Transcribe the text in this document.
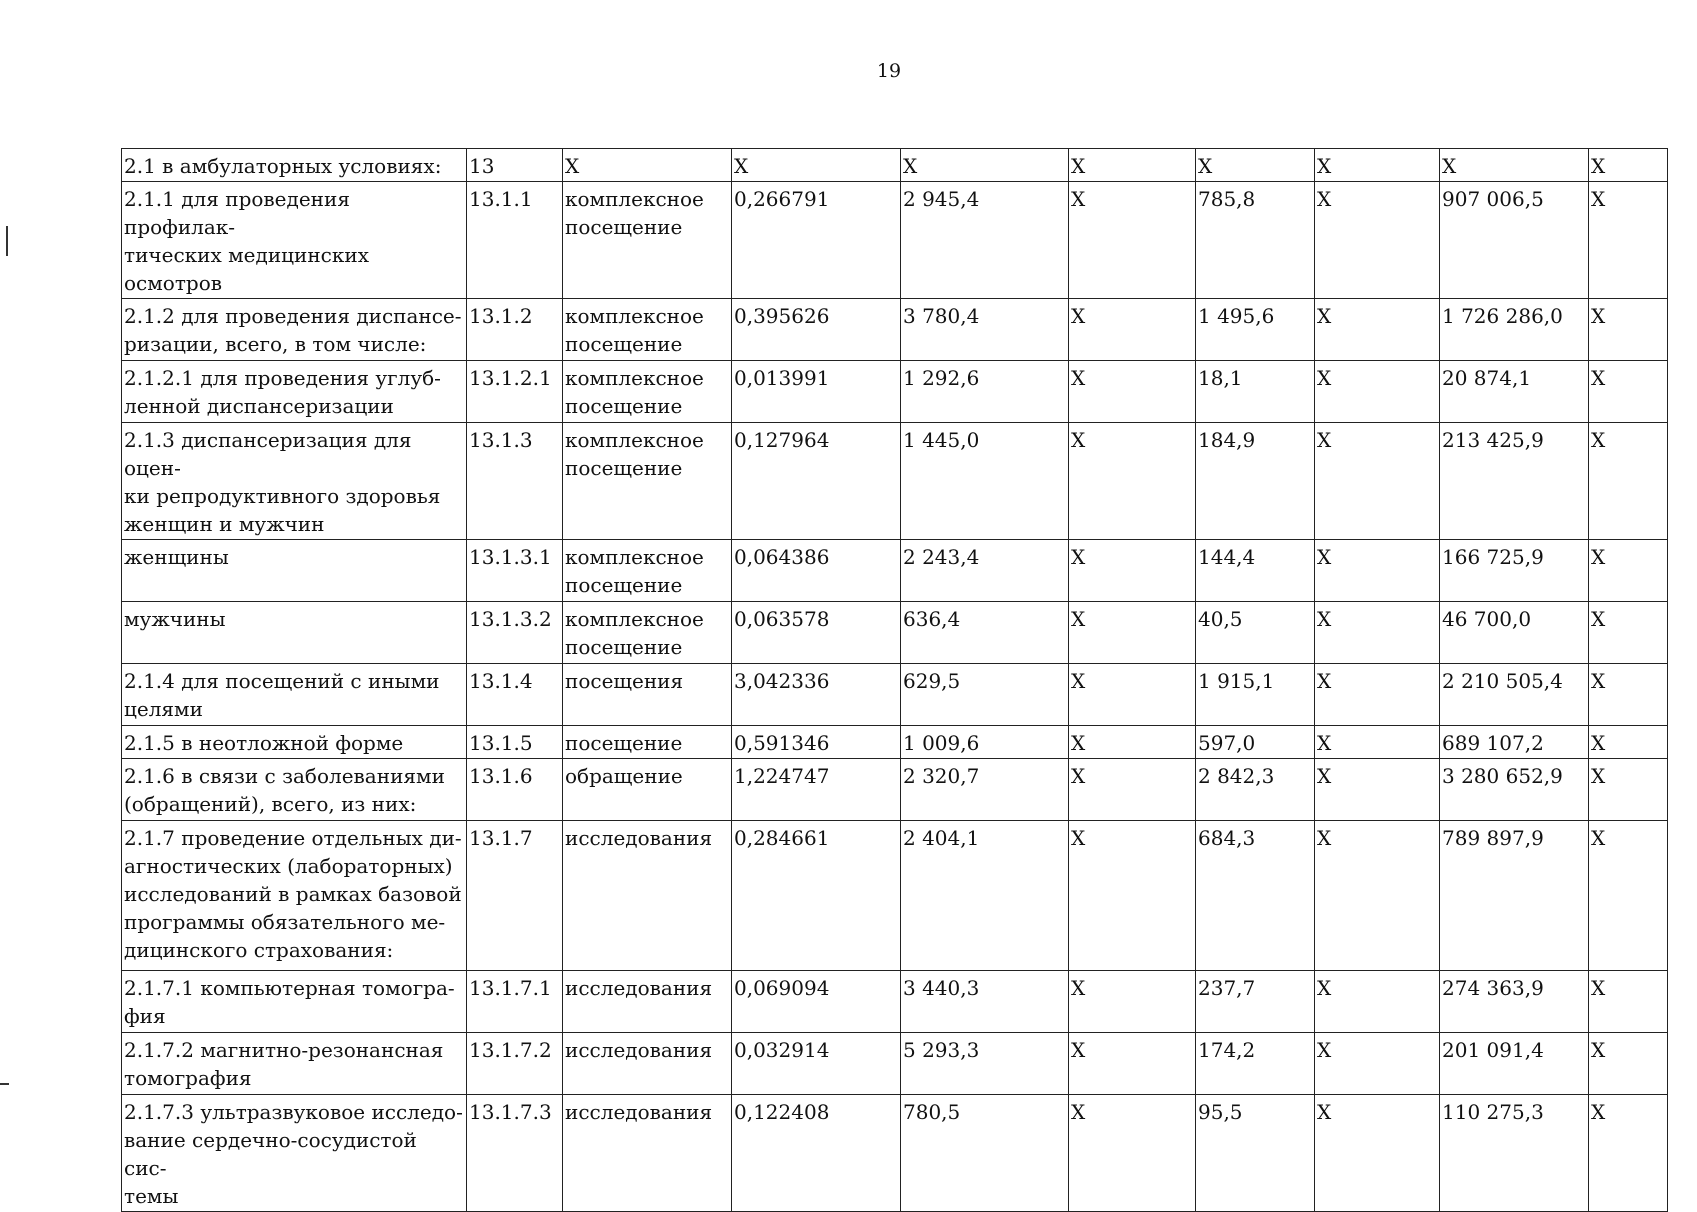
19
2.1 в амбулаторных условиях:	13	Х	Х	Х	Х	Х	Х	Х	Х
2.1.1 для проведения профилак-
тических медицинских осмотров	13.1.1	комплексное
посещение	0,266791	2 945,4	Х	785,8	Х	907 006,5	Х
2.1.2 для проведения диспансе-
ризации, всего, в том числе:	13.1.2	комплексное
посещение	0,395626	3 780,4	Х	1 495,6	Х	1 726 286,0	Х
2.1.2.1 для проведения углуб-
ленной диспансеризации	13.1.2.1	комплексное
посещение	0,013991	1 292,6	Х	18,1	Х	20 874,1	Х
2.1.3 диспансеризация для оцен-
ки репродуктивного здоровья
женщин и мужчин	13.1.3	комплексное
посещение	0,127964	1 445,0	Х	184,9	Х	213 425,9	Х
женщины	13.1.3.1	комплексное
посещение	0,064386	2 243,4	Х	144,4	Х	166 725,9	Х
мужчины	13.1.3.2	комплексное
посещение	0,063578	636,4	Х	40,5	Х	46 700,0	Х
2.1.4 для посещений с иными
целями	13.1.4	посещения	3,042336	629,5	Х	1 915,1	Х	2 210 505,4	Х
2.1.5 в неотложной форме	13.1.5	посещение	0,591346	1 009,6	Х	597,0	Х	689 107,2	Х
2.1.6 в связи с заболеваниями
(обращений), всего, из них:	13.1.6	обращение	1,224747	2 320,7	Х	2 842,3	Х	3 280 652,9	Х
2.1.7 проведение отдельных ди-
агностических (лабораторных)
исследований в рамках базовой
программы обязательного ме-
дицинского страхования:	13.1.7	исследования	0,284661	2 404,1	Х	684,3	Х	789 897,9	Х
2.1.7.1 компьютерная томогра-
фия	13.1.7.1	исследования	0,069094	3 440,3	Х	237,7	Х	274 363,9	Х
2.1.7.2 магнитно-резонансная
томография	13.1.7.2	исследования	0,032914	5 293,3	Х	174,2	Х	201 091,4	Х
2.1.7.3 ультразвуковое исследо-
вание сердечно-сосудистой сис-
темы	13.1.7.3	исследования	0,122408	780,5	Х	95,5	Х	110 275,3	Х
